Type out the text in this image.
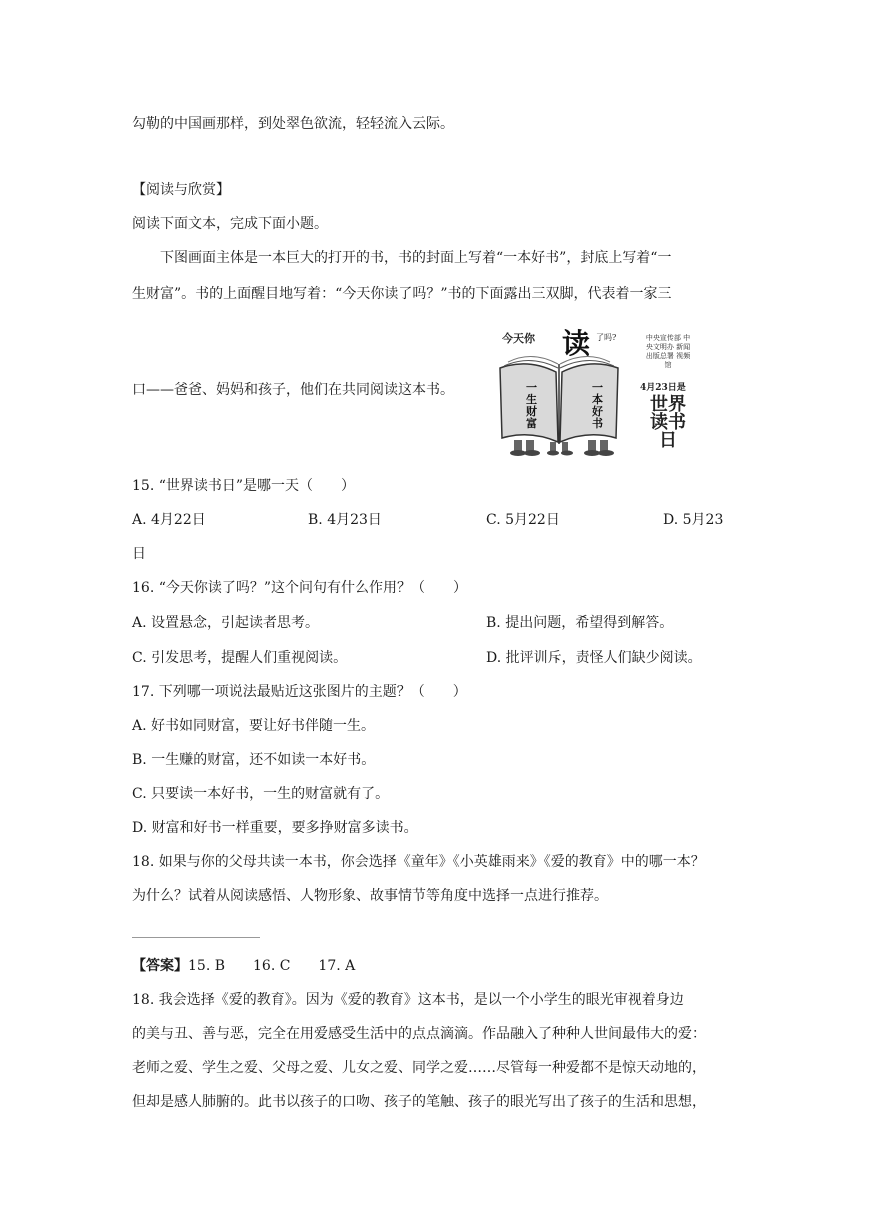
勾勒的中国画那样，到处翠色欲流，轻轻流入云际。
【阅读与欣赏】
阅读下面文本，完成下面小题。
下图画面主体是一本巨大的打开的书，书的封面上写着“一本好书”，封底上写着“一
生财富”。书的上面醒目地写着：“今天你读了吗？”书的下面露出三双脚，代表着一家三
口——爸爸、妈妈和孩子，他们在共同阅读这本书。
今天你 读 了吗?
一生财富
一本好书
中央宣传部 中央文明办 新闻出版总署 视频馆
4月23日是
世界读书日
15. “世界读书日”是哪一天（　　）
A. 4月22日	B. 4月23日	C. 5月22日	D. 5月23
日
16. “今天你读了吗？”这个问句有什么作用？（　　）
A. 设置悬念，引起读者思考。	B. 提出问题，希望得到解答。
C. 引发思考，提醒人们重视阅读。	D. 批评训斥，责怪人们缺少阅读。
17. 下列哪一项说法最贴近这张图片的主题？（　　）
A. 好书如同财富，要让好书伴随一生。
B. 一生赚的财富，还不如读一本好书。
C. 只要读一本好书，一生的财富就有了。
D. 财富和好书一样重要，要多挣财富多读书。
18. 如果与你的父母共读一本书，你会选择《童年》《小英雄雨来》《爱的教育》中的哪一本？
为什么？试着从阅读感悟、人物形象、故事情节等角度中选择一点进行推荐。
【答案】15. B　　16. C　　17. A
18. 我会选择《爱的教育》。因为《爱的教育》这本书，是以一个小学生的眼光审视着身边
的美与丑、善与恶，完全在用爱感受生活中的点点滴滴。作品融入了种种人世间最伟大的爱：
老师之爱、学生之爱、父母之爱、儿女之爱、同学之爱……尽管每一种爱都不是惊天动地的，
但却是感人肺腑的。此书以孩子的口吻、孩子的笔触、孩子的眼光写出了孩子的生活和思想，
